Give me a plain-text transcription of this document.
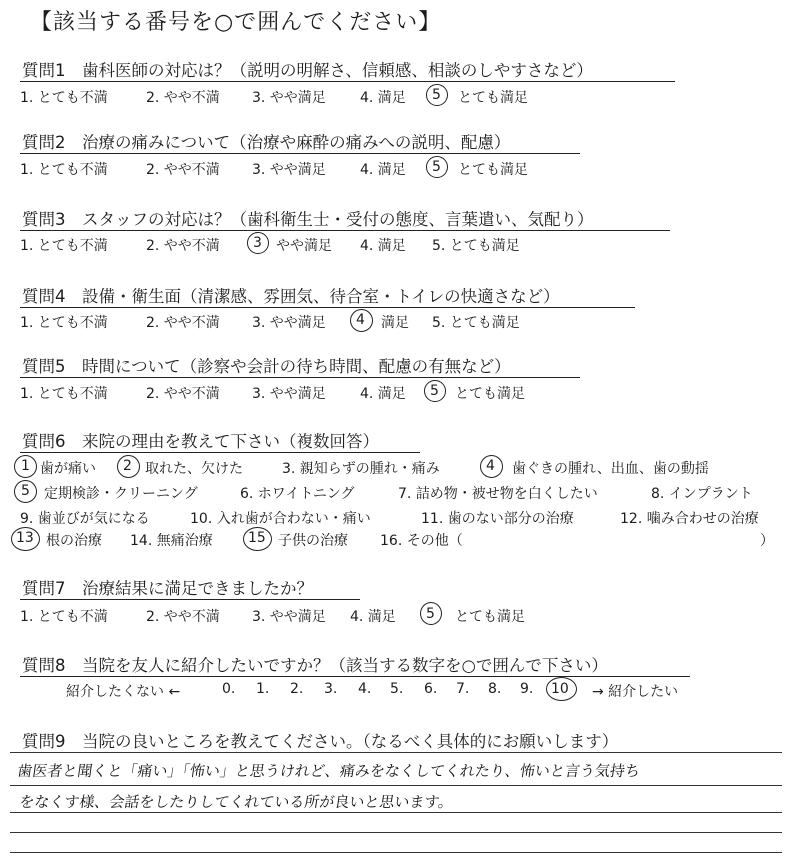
【該当する番号を○で囲んでください】
質問1　歯科医師の対応は？（説明の明解さ、信頼感、相談のしやすさなど）
1. とても不満	2. やや不満 3. やや満足 4. 満足 5 とても満足
質問2　治療の痛みについて（治療や麻酔の痛みへの説明、配慮）
1. とても不満	2. やや不満 3. やや満足 4. 満足 5 とても満足
質問3　スタッフの対応は？（歯科衛生士・受付の態度、言葉遣い、気配り）
1. とても不満	2. やや不満 3 やや満足 4. 満足 5. とても満足
質問4　設備・衛生面（清潔感、雰囲気、待合室・トイレの快適さなど）
1. とても不満	2. やや不満 3. やや満足 4 満足 5. とても満足
質問5　時間について（診察や会計の待ち時間、配慮の有無など）
1. とても不満	2. やや不満 3. やや満足 4. 満足 5 とても満足
質問6　来院の理由を教えて下さい（複数回答）
1 歯が痛い 2 取れた、欠けた	3. 親知らずの腫れ・痛み	4 歯ぐきの腫れ、出血、歯の動揺
5 定期検診・クリーニング	6. ホワイトニング	7. 詰め物・被せ物を白くしたい	8. インプラント
9. 歯並びが気になる	10. 入れ歯が合わない・痛い	11. 歯のない部分の治療	12. 噛み合わせの治療
13 根の治療 14. 無痛治療	15 子供の治療 16. その他（	）
質問7　治療結果に満足できましたか？
1. とても不満	2. やや不満 3. やや満足 4. 満足 5 とても満足
質問8　当院を友人に紹介したいですか？（該当する数字を○で囲んで下さい）
紹介したくない ←	0. 1. 2. 3. 4. 5. 6. 7. 8. 9. 10 → 紹介したい
質問9　当院の良いところを教えてください。（なるべく具体的にお願いします）
歯医者と聞くと「痛い」「怖い」と思うけれど、痛みをなくしてくれたり、怖いと言う気持ち
をなくす様、会話をしたりしてくれている所が良いと思います。
